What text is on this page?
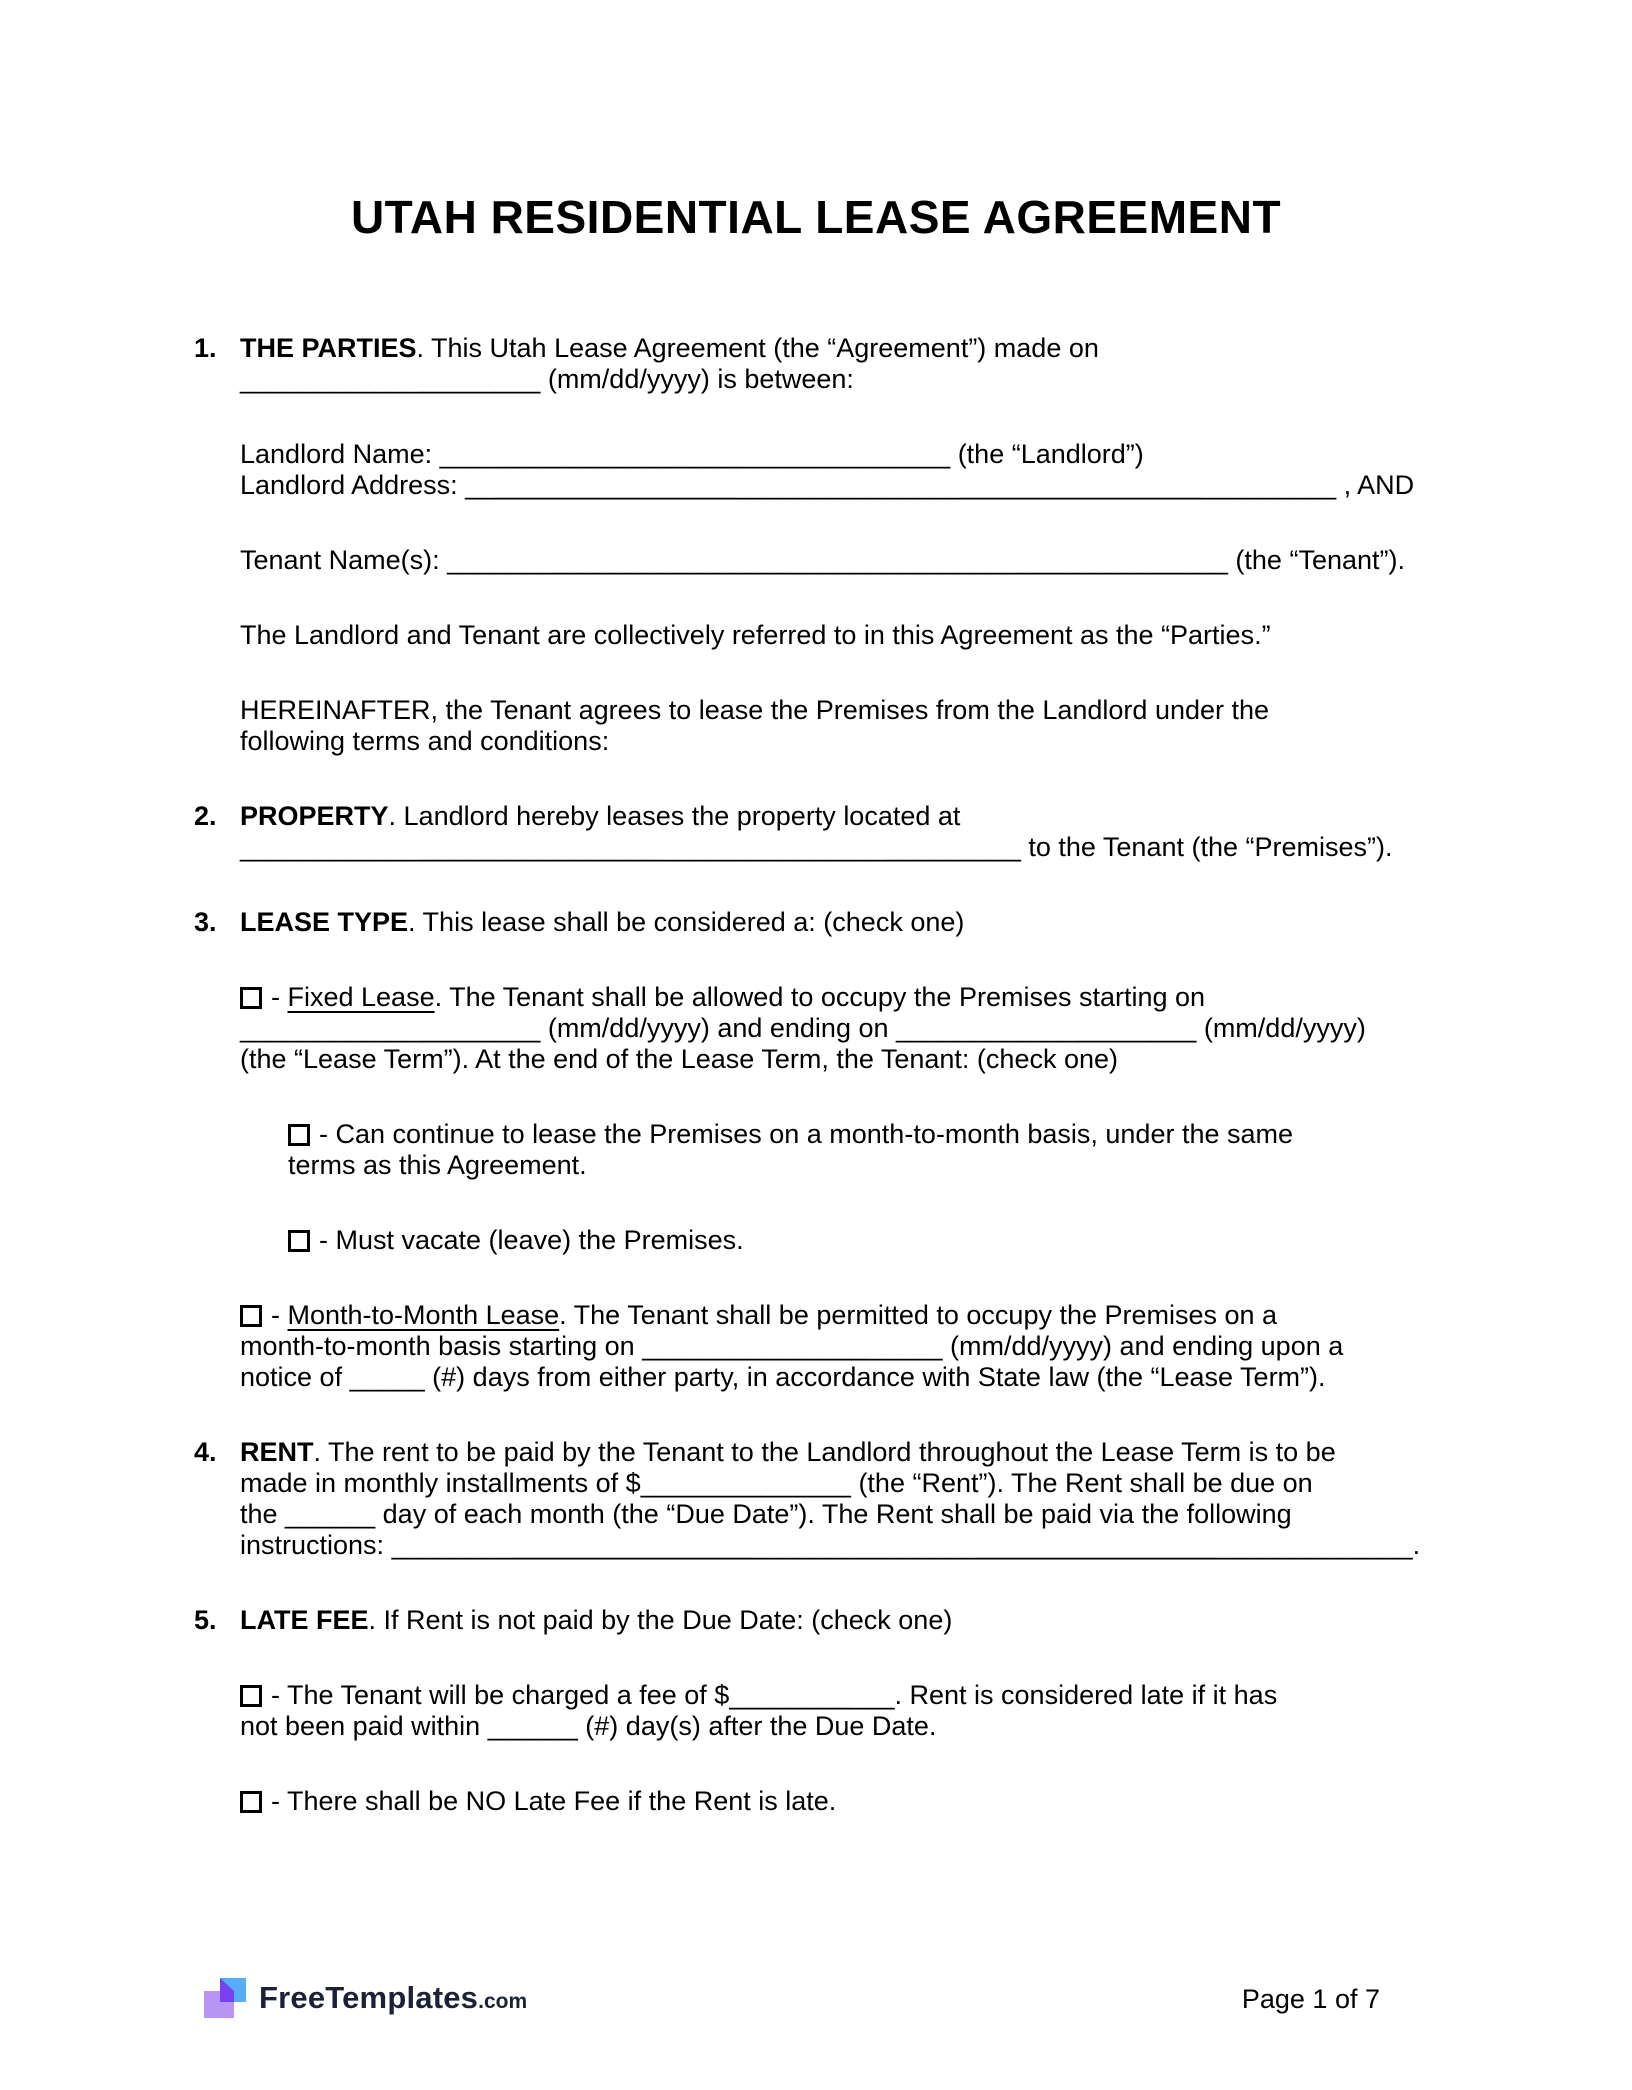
UTAH RESIDENTIAL LEASE AGREEMENT
1. THE PARTIES. This Utah Lease Agreement (the “Agreement”) made on
____________________ (mm/dd/yyyy) is between:
Landlord Name: __________________________________ (the “Landlord”)
Landlord Address: __________________________________________________________ , AND
Tenant Name(s): ____________________________________________________ (the “Tenant”).
The Landlord and Tenant are collectively referred to in this Agreement as the “Parties.”
HEREINAFTER, the Tenant agrees to lease the Premises from the Landlord under the
following terms and conditions:
2. PROPERTY. Landlord hereby leases the property located at
____________________________________________________ to the Tenant (the “Premises”).
3. LEASE TYPE. This lease shall be considered a: (check one)
- Fixed Lease. The Tenant shall be allowed to occupy the Premises starting on
____________________ (mm/dd/yyyy) and ending on ____________________ (mm/dd/yyyy)
(the “Lease Term”). At the end of the Lease Term, the Tenant: (check one)
- Can continue to lease the Premises on a month-to-month basis, under the same
terms as this Agreement.
- Must vacate (leave) the Premises.
- Month-to-Month Lease. The Tenant shall be permitted to occupy the Premises on a
month-to-month basis starting on ____________________ (mm/dd/yyyy) and ending upon a
notice of _____ (#) days from either party, in accordance with State law (the “Lease Term”).
4. RENT. The rent to be paid by the Tenant to the Landlord throughout the Lease Term is to be
made in monthly installments of $______________ (the “Rent”). The Rent shall be due on
the ______ day of each month (the “Due Date”). The Rent shall be paid via the following
instructions: ____________________________________________________________________.
5. LATE FEE. If Rent is not paid by the Due Date: (check one)
- The Tenant will be charged a fee of $___________. Rent is considered late if it has
not been paid within ______ (#) day(s) after the Due Date.
- There shall be NO Late Fee if the Rent is late.
FreeTemplates.com	Page 1 of 7
